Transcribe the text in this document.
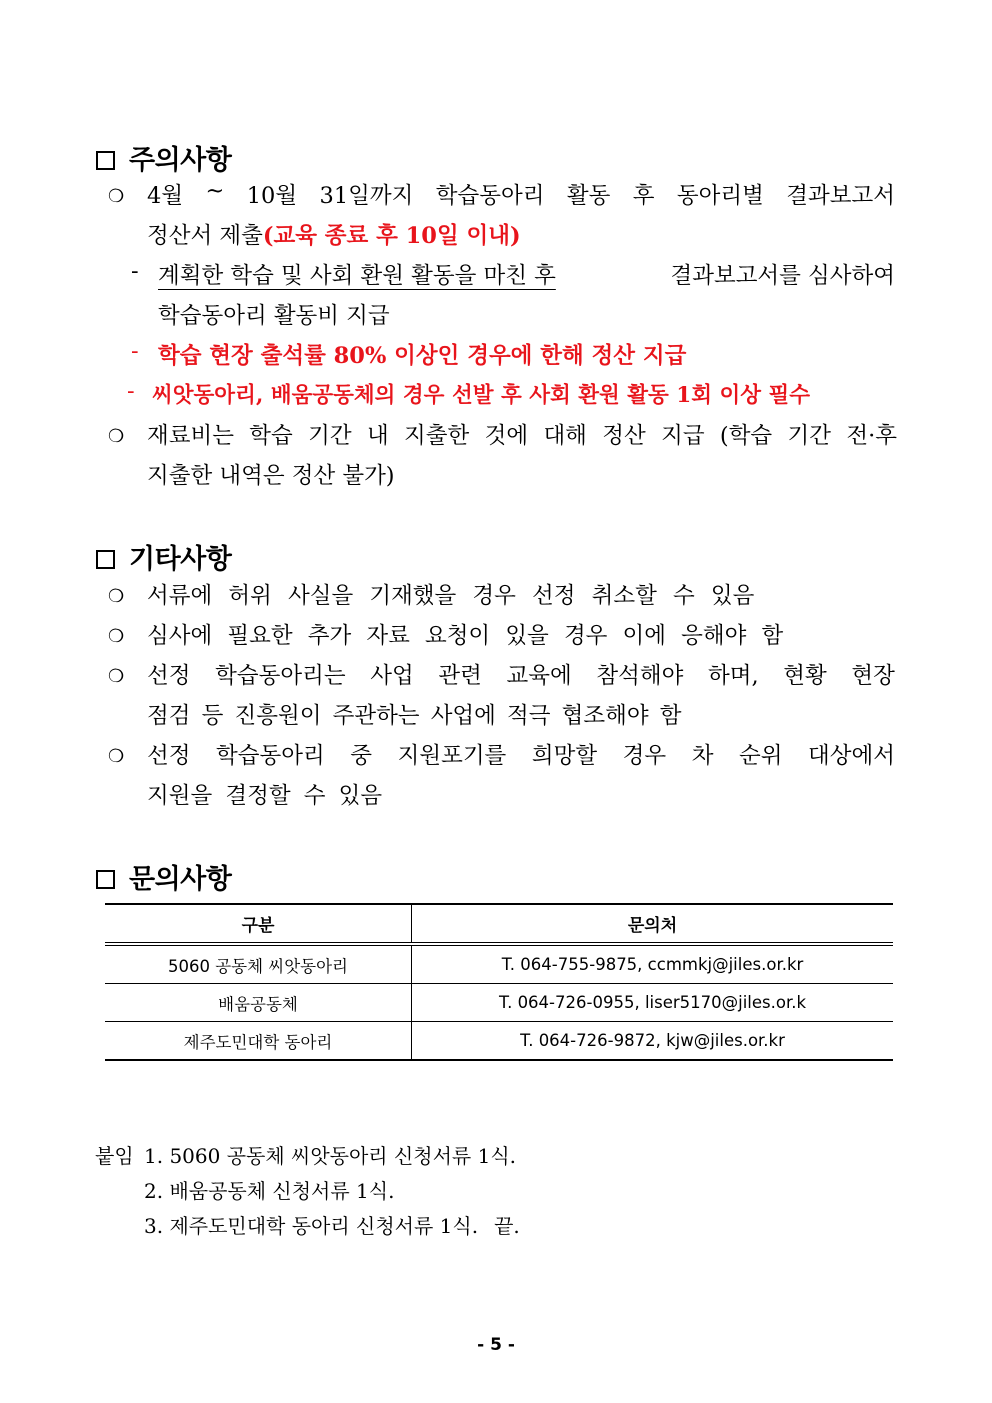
주의사항
❍ 4월 ~ 10월 31일까지 학습동아리 활동 후 동아리별 결과보고서
정산서 제출(교육 종료 후 10일 이내)
- 계획한 학습 및 사회 환원 활동을 마친 후	결과보고서를 심사하여
학습동아리 활동비 지급
- 학습 현장 출석률 80% 이상인 경우에 한해 정산 지급
- 씨앗동아리, 배움공동체의 경우 선발 후 사회 환원 활동 1회 이상 필수
❍ 재료비는 학습 기간 내 지출한 것에 대해 정산 지급 (학습 기간 전·후
지출한 내역은 정산 불가)
기타사항
❍ 서류에 허위 사실을 기재했을 경우 선정 취소할 수 있음
❍ 심사에 필요한 추가 자료 요청이 있을 경우 이에 응해야 함
❍ 선정 학습동아리는 사업 관련 교육에 참석해야 하며, 현황 현장
점검 등 진흥원이 주관하는 사업에 적극 협조해야 함
❍ 선정 학습동아리 중 지원포기를 희망할 경우 차 순위 대상에서
지원을 결정할 수 있음
문의사항
구분	문의처
5060 공동체 씨앗동아리	T. 064-755-9875, ccmmkj@jiles.or.kr
배움공동체	T. 064-726-0955, liser5170@jiles.or.k
제주도민대학 동아리	T. 064-726-9872, kjw@jiles.or.kr
붙임 1. 5060 공동체 씨앗동아리 신청서류 1식.
2. 배움공동체 신청서류 1식.
3. 제주도민대학 동아리 신청서류 1식. 끝.
- 5 -
